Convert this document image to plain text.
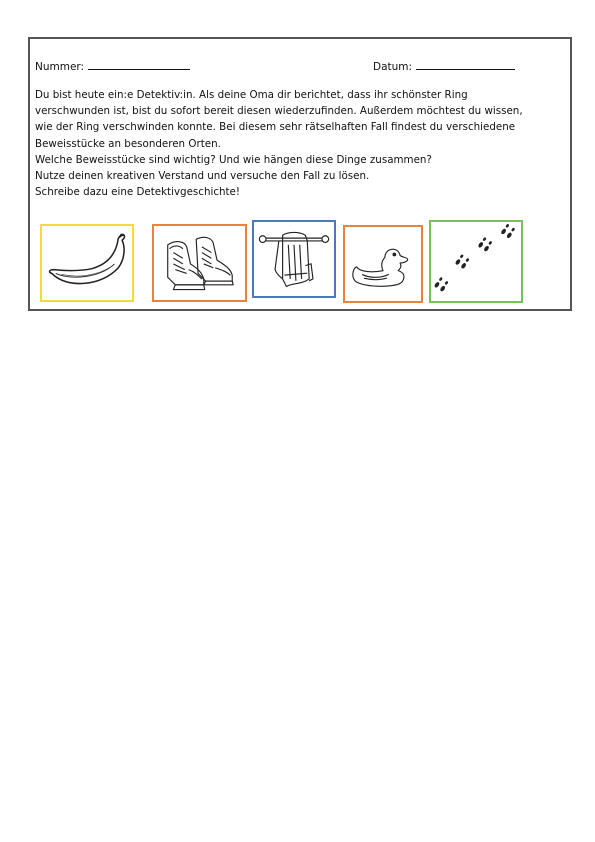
Nummer:	Datum:

Du bist heute ein:e Detektiv:in. Als deine Oma dir berichtet, dass ihr schönster Ring

verschwunden ist, bist du sofort bereit diesen wiederzufinden. Außerdem möchtest du wissen,

wie der Ring verschwinden konnte. Bei diesem sehr rätselhaften Fall findest du verschiedene

Beweisstücke an besonderen Orten.

Welche Beweisstücke sind wichtig? Und wie hängen diese Dinge zusammen?

Nutze deinen kreativen Verstand und versuche den Fall zu lösen.

Schreibe dazu eine Detektivgeschichte!
